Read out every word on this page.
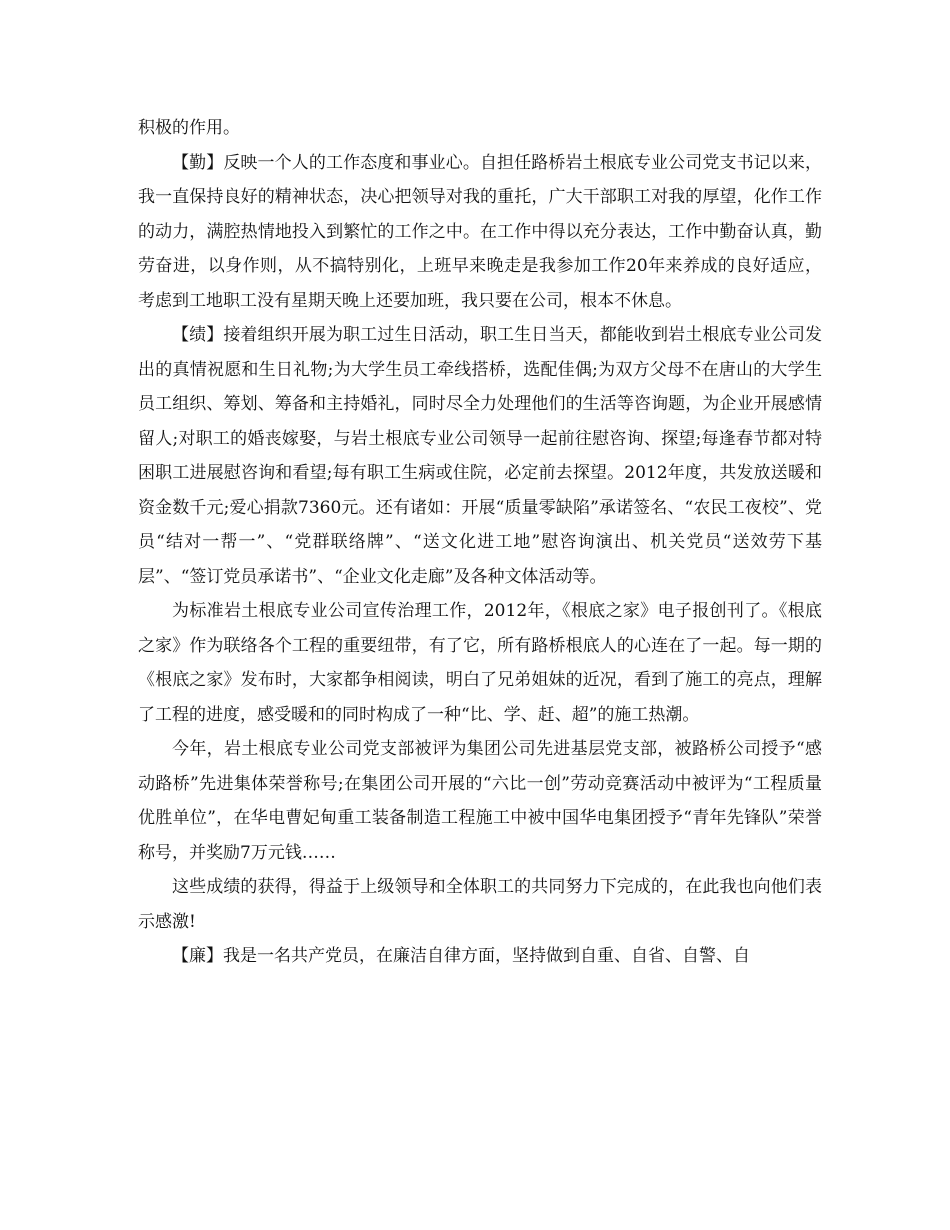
积极的作用。

【勤】反映一个人的工作态度和事业心。自担任路桥岩土根底专业公司党支书记以来，我一直保持良好的精神状态，决心把领导对我的重托，广大干部职工对我的厚望，化作工作的动力，满腔热情地投入到繁忙的工作之中。在工作中得以充分表达，工作中勤奋认真，勤劳奋进，以身作则，从不搞特别化，上班早来晚走是我参加工作20年来养成的良好适应，考虑到工地职工没有星期天晚上还要加班，我只要在公司，根本不休息。

【绩】接着组织开展为职工过生日活动，职工生日当天，都能收到岩土根底专业公司发出的真情祝愿和生日礼物;为大学生员工牵线搭桥，选配佳偶;为双方父母不在唐山的大学生员工组织、筹划、筹备和主持婚礼，同时尽全力处理他们的生活等咨询题，为企业开展感情留人;对职工的婚丧嫁娶，与岩土根底专业公司领导一起前往慰咨询、探望;每逢春节都对特困职工进展慰咨询和看望;每有职工生病或住院，必定前去探望。2012年度，共发放送暖和资金数千元;爱心捐款7360元。还有诸如：开展“质量零缺陷”承诺签名、“农民工夜校”、党员“结对一帮一”、“党群联络牌”、“送文化进工地”慰咨询演出、机关党员“送效劳下基层”、“签订党员承诺书”、“企业文化走廊”及各种文体活动等。

为标准岩土根底专业公司宣传治理工作，2012年，《根底之家》电子报创刊了。《根底之家》作为联络各个工程的重要纽带，有了它，所有路桥根底人的心连在了一起。每一期的《根底之家》发布时，大家都争相阅读，明白了兄弟姐妹的近况，看到了施工的亮点，理解了工程的进度，感受暖和的同时构成了一种“比、学、赶、超”的施工热潮。

今年，岩土根底专业公司党支部被评为集团公司先进基层党支部，被路桥公司授予“感动路桥”先进集体荣誉称号;在集团公司开展的“六比一创”劳动竞赛活动中被评为“工程质量优胜单位”，在华电曹妃甸重工装备制造工程施工中被中国华电集团授予“青年先锋队”荣誉称号，并奖励7万元钱……

这些成绩的获得，得益于上级领导和全体职工的共同努力下完成的，在此我也向他们表示感激!

【廉】我是一名共产党员，在廉洁自律方面，坚持做到自重、自省、自警、自
